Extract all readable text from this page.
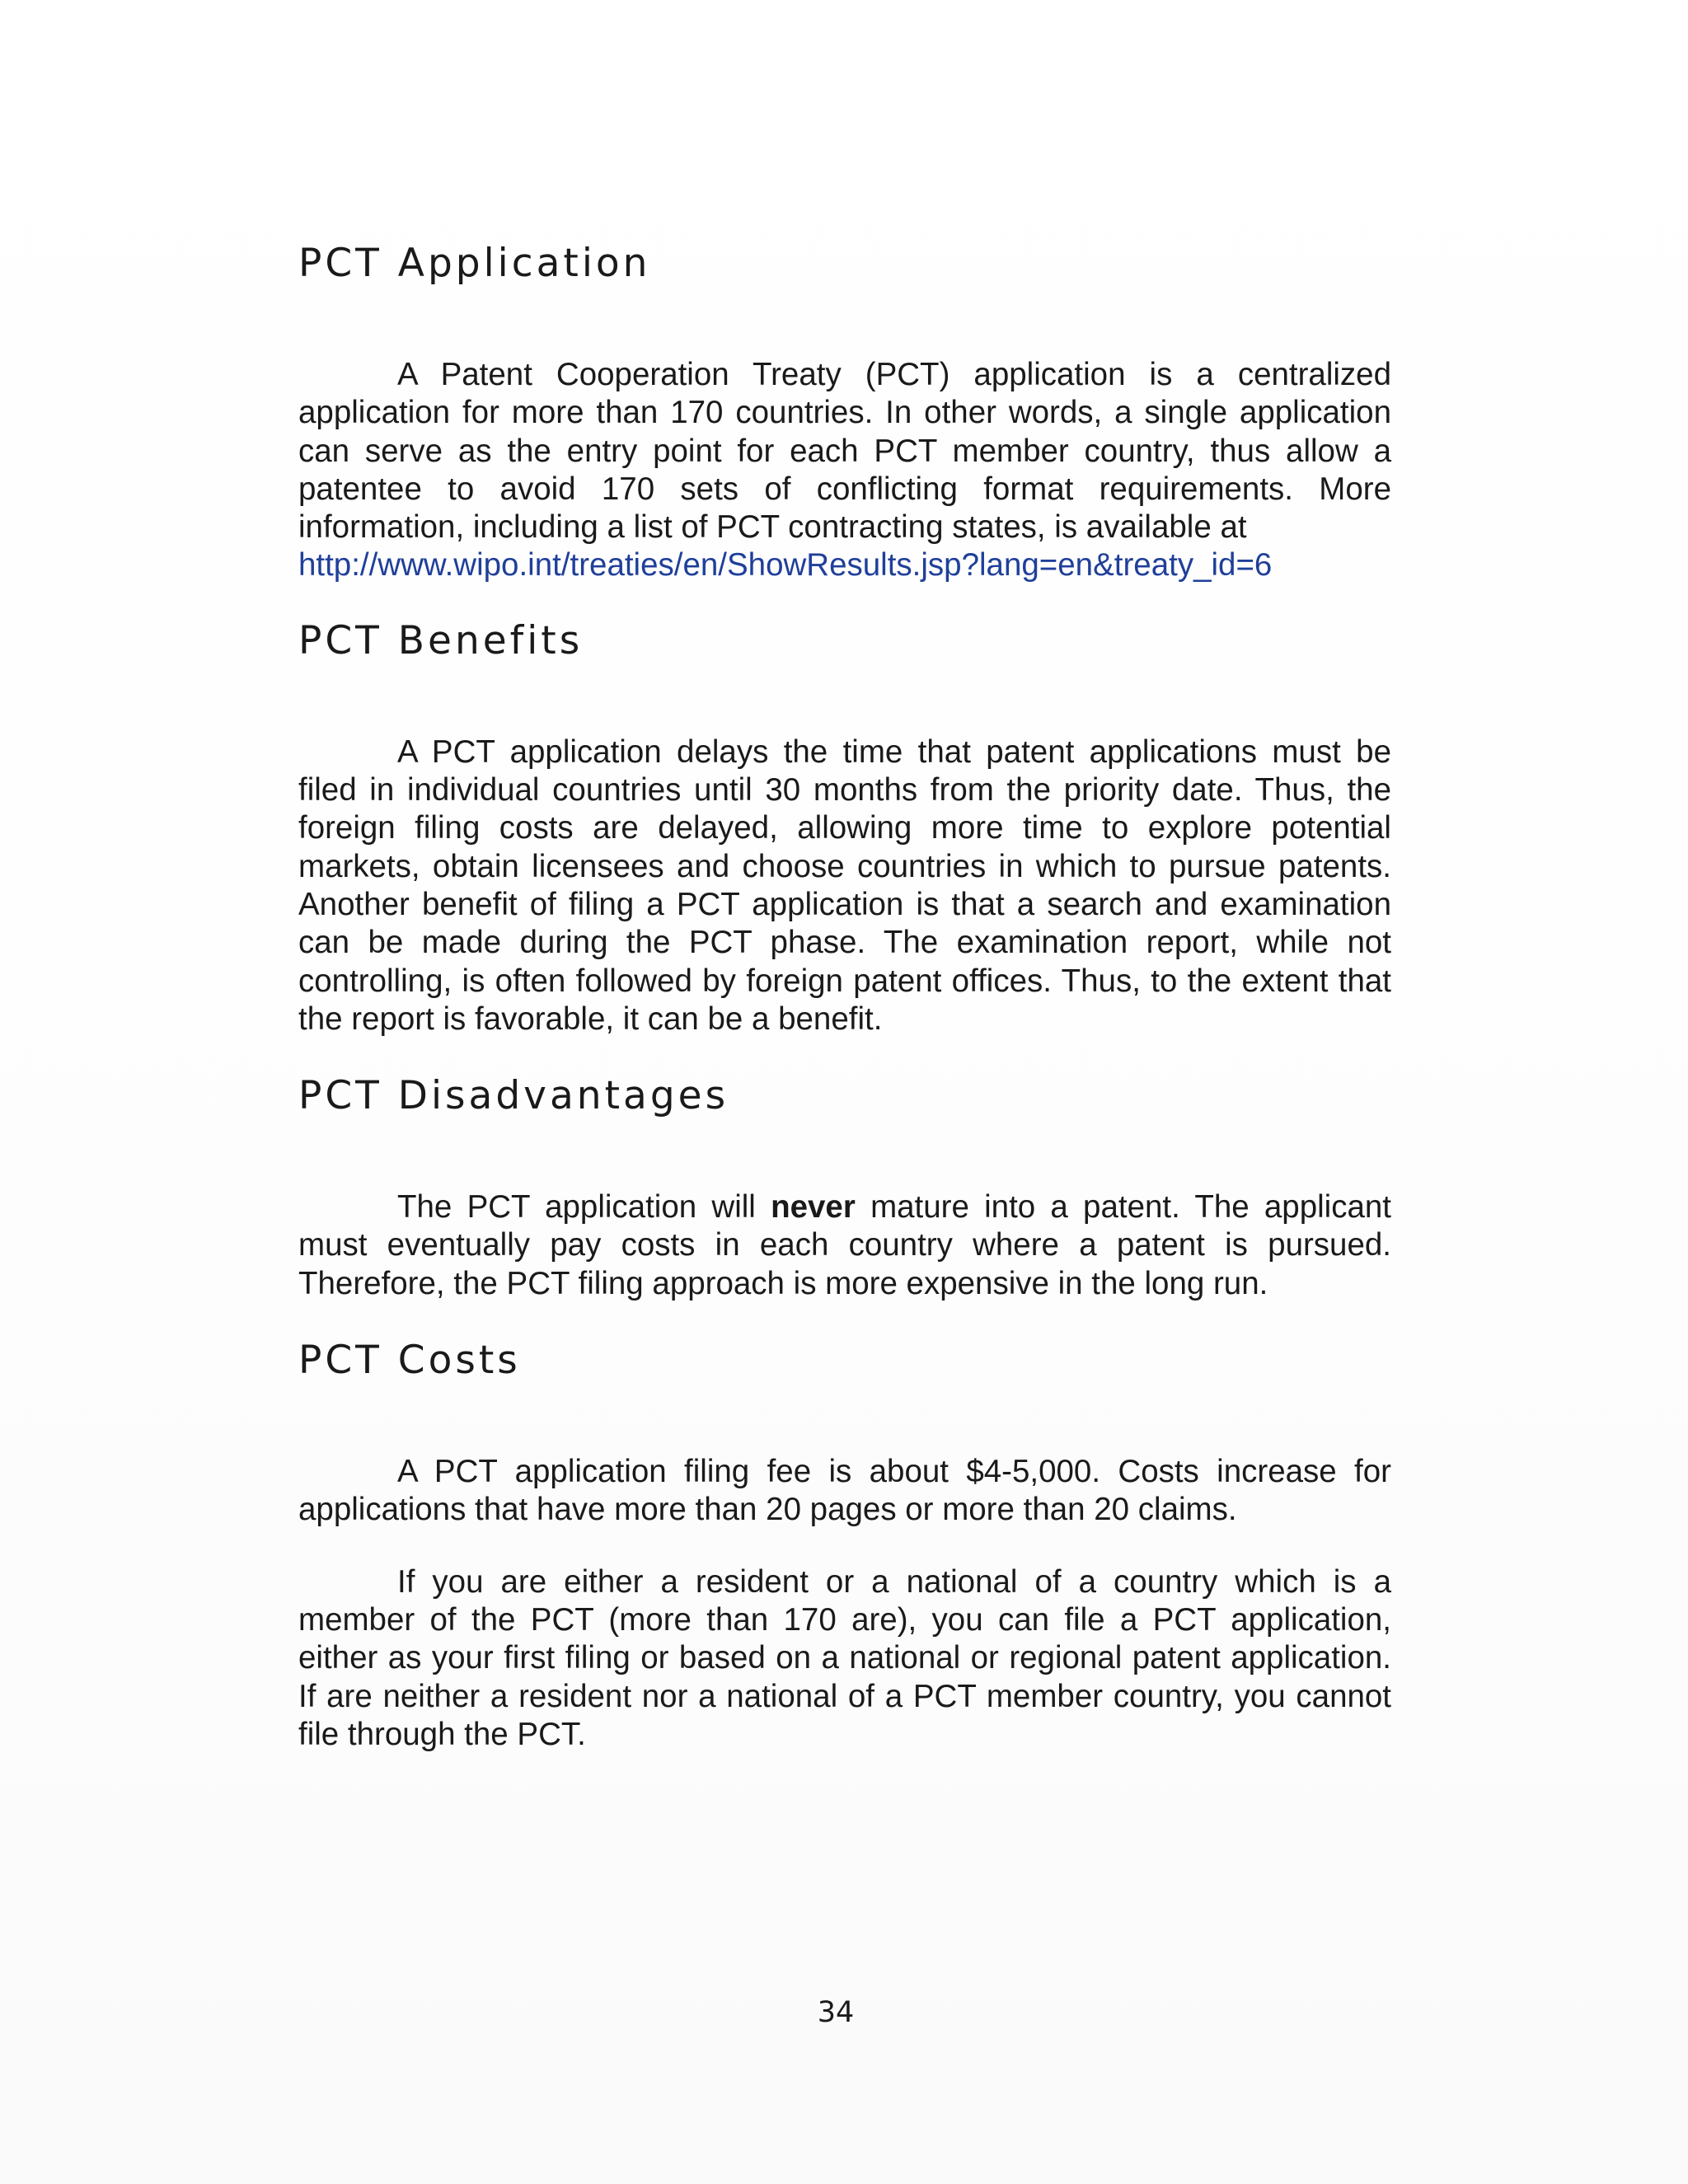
PCT Application

A Patent Cooperation Treaty (PCT) application is a centralized application for more than 170 countries. In other words, a single application can serve as the entry point for each PCT member country, thus allow a patentee to avoid 170 sets of conflicting format requirements. More information, including a list of PCT contracting states, is available at
http://www.wipo.int/treaties/en/ShowResults.jsp?lang=en&treaty_id=6

PCT Benefits

A PCT application delays the time that patent applications must be filed in individual countries until 30 months from the priority date. Thus, the foreign filing costs are delayed, allowing more time to explore potential markets, obtain licensees and choose countries in which to pursue patents. Another benefit of filing a PCT application is that a search and examination can be made during the PCT phase. The examination report, while not controlling, is often followed by foreign patent offices. Thus, to the extent that the report is favorable, it can be a benefit.

PCT Disadvantages

The PCT application will never mature into a patent. The applicant must eventually pay costs in each country where a patent is pursued. Therefore, the PCT filing approach is more expensive in the long run.

PCT Costs

A PCT application filing fee is about $4-5,000. Costs increase for applications that have more than 20 pages or more than 20 claims.

If you are either a resident or a national of a country which is a member of the PCT (more than 170 are), you can file a PCT application, either as your first filing or based on a national or regional patent application. If are neither a resident nor a national of a PCT member country, you cannot file through the PCT.

34
